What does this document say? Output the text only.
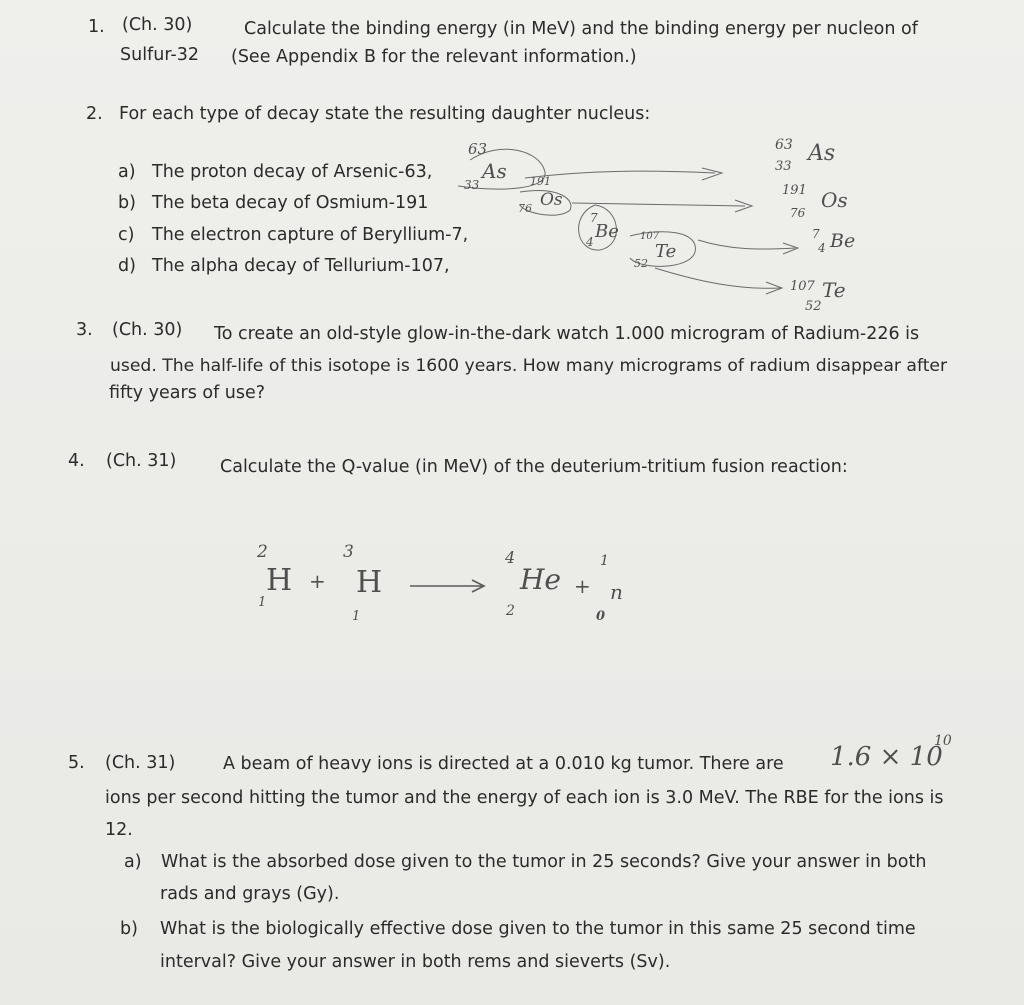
1. (Ch. 30)	Calculate the binding energy (in MeV) and the binding energy per nucleon of
Sulfur-32 (See Appendix B for the relevant information.)
2. For each type of decay state the resulting daughter nucleus:
a) The proton decay of Arsenic-63,
b) The beta decay of Osmium-191
c) The electron capture of Beryllium-7,
d) The alpha decay of Tellurium-107,
63
33
As 191
76 Os
7
4 Be 107
52
Te
63
33
As
191
76
Os
7
4 Be
107
52
Te
3. (Ch. 30) To create an old-style glow-in-the-dark watch 1.000 microgram of Radium-226 is
used. The half-life of this isotope is 1600 years. How many micrograms of radium disappear after
fifty years of use?
4. (Ch. 31) Calculate the Q-value (in MeV) of the deuterium-tritium fusion reaction:
2
1
H +
3
1
H
4
2
He +
1
0
n
5. (Ch. 31)	A beam of heavy ions is directed at a 0.010 kg tumor. There are 1.6 × 10
10
ions per second hitting the tumor and the energy of each ion is 3.0 MeV. The RBE for the ions is
12.
a) What is the absorbed dose given to the tumor in 25 seconds? Give your answer in both
rads and grays (Gy).
b) What is the biologically effective dose given to the tumor in this same 25 second time
interval? Give your answer in both rems and sieverts (Sv).
